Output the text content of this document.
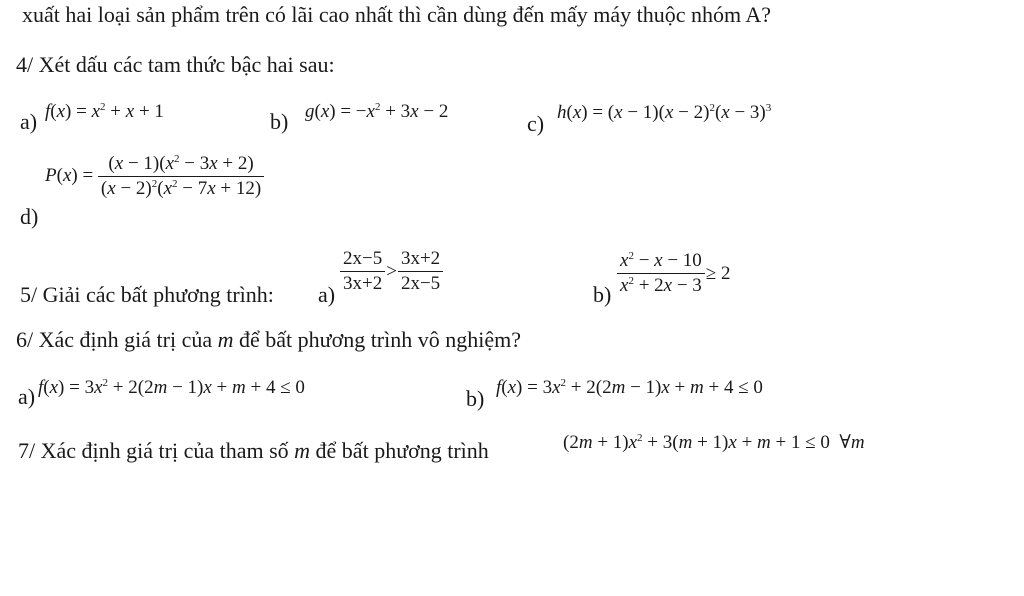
xuất hai loại sản phẩm trên có lãi cao nhất thì cần dùng đến mấy máy thuộc nhóm A?
4/ Xét dấu các tam thức bậc hai sau:
a) $f(x) = x^2 + x + 1$	b) $g(x) = -x^2 + 3x - 2$	c) $h(x) = (x - 1)(x - 2)^2(x - 3)^3$
d)
$P(x) = \frac{(x - 1)(x^2 - 3x + 2)}{(x - 2)^2(x^2 - 7x + 12)}$
5/ Giải các bất phương trình: $a) \frac{2x-5}{3x+2} > \frac{3x+2}{2x-5}$	$b) \frac{x^2 - x - 10}{x^2 + 2x - 3} \ge 2$
6/ Xác định giá trị của m để bất phương trình vô nghiệm?
a) $f(x) = 3x^2 + 2(2m - 1)x + m + 4 \le 0$	b) $f(x) = 3x^2 + 2(2m - 1)x + m + 4 \le 0$
7/ Xác định giá trị của tham số m để bất phương trình	$(2m + 1)x^2 + 3(m + 1)x + m + 1 \le 0$  ∀m
